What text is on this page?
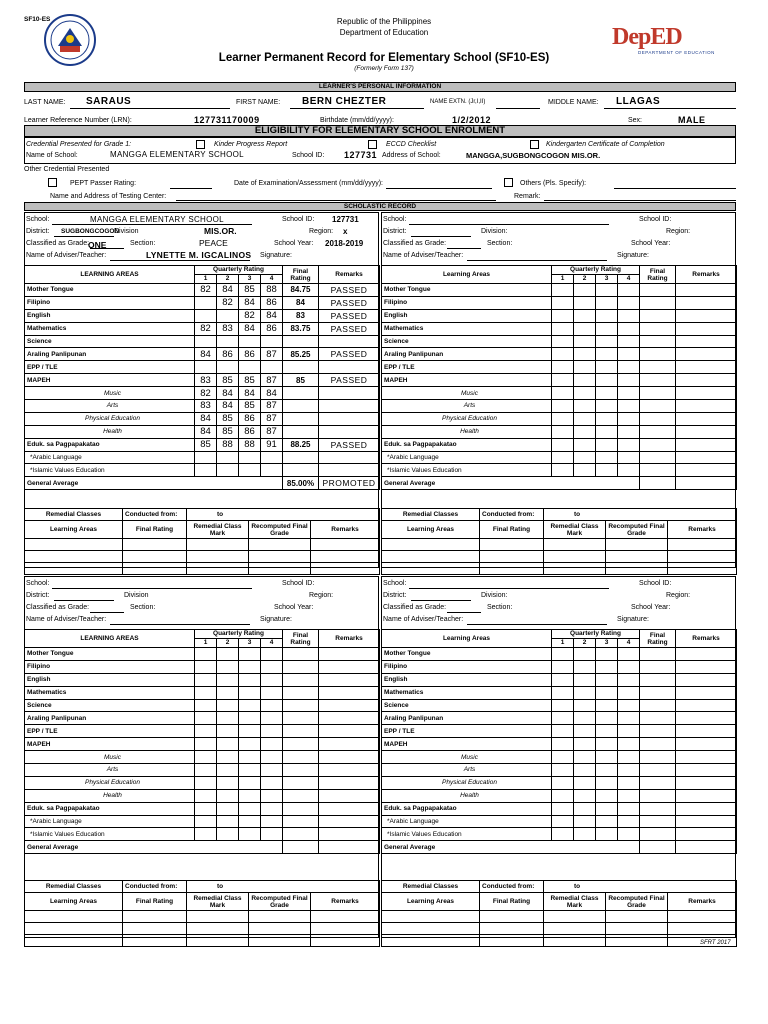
SF10-ES	Republic of the Philippines
Department of Education
Learner Permanent Record for Elementary School (SF10-ES)
(Formerly Form 137)
DepED
DEPARTMENT OF EDUCATION
LEARNER'S PERSONAL INFORMATION
LAST NAME: SARAUS	FIRST NAME: BERN CHEZTER	NAME EXTN. (Jr,I,II)	MIDDLE NAME: LLAGAS
Learner Reference Number (LRN):	127731170009	Birthdate (mm/dd/yyyy):	1/2/2012	Sex:	MALE
ELIGIBILITY FOR ELEMENTARY SCHOOL ENROLMENT
Credential Presented for Grade 1:	Kinder Progress Report	ECCD Checklist	Kindergarten Certificate of Completion
Name of School:	MANGGA ELEMENTARY SCHOOL	School ID: 127731 Address of School:	MANGGA,SUGBONGCOGON MIS.OR.
Other Credential Presented
PEPT Passer Rating:	Date of Examination/Assessment (mm/dd/yyyy):	Others (Pls. Specify):
Name and Address of Testing Center:	Remark:
SCHOLASTIC RECORD
School:	School ID:
District:	Division	Region:
Classified as Grade:	Section:	School Year:
Name of Adviser/Teacher:	Signature:
MANGGA ELEMENTARY SCHOOL	127731
SUGBONGCOGON	MIS.OR.	x
ONE	PEACE	2018-2019
LYNETTE M. IGCALINOS
LEARNING AREAS	Quarterly Rating				Final Rating	Remarks
	1	2	3	4		
Mother Tongue	82	84	85	88	84.75	PASSED
Filipino		82	84	86	84	PASSED
English			82	84	83	PASSED
Mathematics	82	83	84	86	83.75	PASSED
Science						
Araling Panlipunan	84	86	86	87	85.25	PASSED
EPP / TLE						
MAPEH	83	85	85	87	85	PASSED
Music	82	84	84	84		
Arts	83	84	85	87		
Physical Education	84	85	86	87		
Health	84	85	86	87		
Eduk. sa Pagpapakatao	85	88	88	91	88.25	PASSED
*Arabic Language						
*Islamic Values Education						
General Average					85.00%	PROMOTED
Remedial Classes	Conducted from:	to		
Learning Areas	Final Rating	Remedial Class Mark	Recomputed Final Grade	Remarks

School:	School ID:
District:	Division:	Region:
Classified as Grade:	Section:	School Year:
Name of Adviser/Teacher:	Signature:
Learning Areas	Quarterly Rating				Final Rating	Remarks
	1	2	3	4		
Mother Tongue						
Filipino						
English						
Mathematics						
Science						
Araling Panlipunan						
EPP / TLE						
MAPEH						
Music						
Arts						
Physical Education						
Health						
Eduk. sa Pagpapakatao						
*Arabic Language						
*Islamic Values Education						
General Average						
Remedial Classes	Conducted from:	to		
Learning Areas	Final Rating	Remedial Class Mark	Recomputed Final Grade	Remarks

School:	School ID:
District:	Division	Region:
Classified as Grade:	Section:	School Year:
Name of Adviser/Teacher:	Signature:
LEARNING AREAS	Quarterly Rating				Final Rating	Remarks
	1	2	3	4		
Mother Tongue						
Filipino						
English						
Mathematics						
Science						
Araling Panlipunan						
EPP / TLE						
MAPEH						
Music						
Arts						
Physical Education						
Health						
Eduk. sa Pagpapakatao						
*Arabic Language						
*Islamic Values Education						
General Average						
Remedial Classes	Conducted from:	to		
Learning Areas	Final Rating	Remedial Class Mark	Recomputed Final Grade	Remarks

School:	School ID:
District:	Division:	Region:
Classified as Grade:	Section:	School Year:
Name of Adviser/Teacher:	Signature:
Learning Areas	Quarterly Rating				Final Rating	Remarks
	1	2	3	4		
Mother Tongue						
Filipino						
English						
Mathematics						
Science						
Araling Panlipunan						
EPP / TLE						
MAPEH						
Music						
Arts						
Physical Education						
Health						
Eduk. sa Pagpapakatao						
*Arabic Language						
*Islamic Values Education						
General Average						
Remedial Classes	Conducted from:	to		
Learning Areas	Final Rating	Remedial Class Mark	Recomputed Final Grade	Remarks

SFRT 2017
